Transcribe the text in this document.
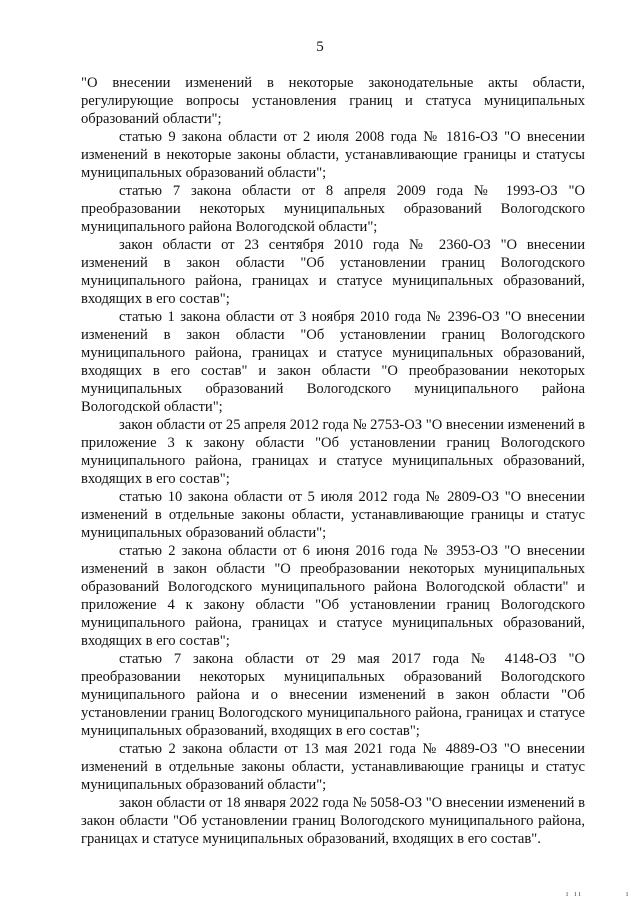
5

"О внесении изменений в некоторые законодательные акты области, регулирующие вопросы установления границ и статуса муниципальных образований области";

статью 9 закона области от 2 июля 2008 года № 1816-ОЗ "О внесении изменений в некоторые законы области, устанавливающие границы и статусы муниципальных образований области";

статью 7 закона области от 8 апреля 2009 года № 1993-ОЗ "О преобразовании некоторых муниципальных образований Вологодского муниципального района Вологодской области";

закон области от 23 сентября 2010 года № 2360-ОЗ "О внесении изменений в закон области "Об установлении границ Вологодского муниципального района, границах и статусе муниципальных образований, входящих в его состав";

статью 1 закона области от 3 ноября 2010 года № 2396-ОЗ "О внесении изменений в закон области "Об установлении границ Вологодского муниципального района, границах и статусе муниципальных образований, входящих в его состав" и закон области "О преобразовании некоторых муниципальных образований Вологодского муниципального района Вологодской области";

закон области от 25 апреля 2012 года № 2753-ОЗ "О внесении изменений в приложение 3 к закону области "Об установлении границ Вологодского муниципального района, границах и статусе муниципальных образований, входящих в его состав";

статью 10 закона области от 5 июля 2012 года № 2809-ОЗ "О внесении изменений в отдельные законы области, устанавливающие границы и статус муниципальных образований области";

статью 2 закона области от 6 июня 2016 года № 3953-ОЗ "О внесении изменений в закон области "О преобразовании некоторых муниципальных образований Вологодского муниципального района Вологодской области" и приложение 4 к закону области "Об установлении границ Вологодского муниципального района, границах и статусе муниципальных образований, входящих в его состав";

статью 7 закона области от 29 мая 2017 года № 4148-ОЗ "О преобразовании некоторых муниципальных образований Вологодского муниципального района и о внесении изменений в закон области "Об установлении границ Вологодского муниципального района, границах и статусе муниципальных образований, входящих в его состав";

статью 2 закона области от 13 мая 2021 года № 4889-ОЗ "О внесении изменений в отдельные законы области, устанавливающие границы и статус муниципальных образований области";

закон области от 18 января 2022 года № 5058-ОЗ "О внесении изменений в закон области "Об установлении границ Вологодского муниципального района, границах и статусе муниципальных образований, входящих в его состав".

ı ıı	ı
